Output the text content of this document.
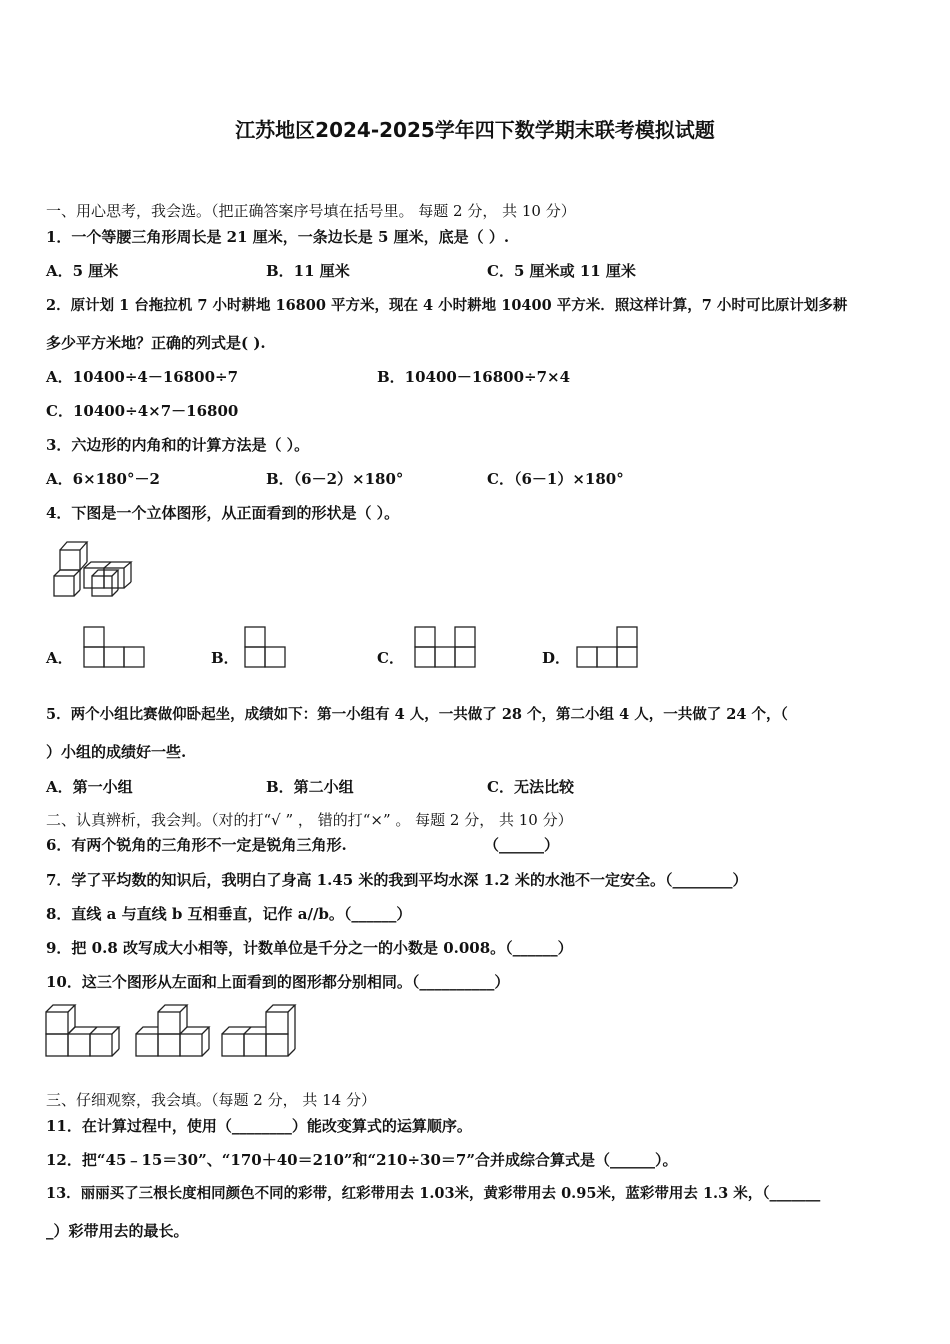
江苏地区2024-2025学年四下数学期末联考模拟试题
一、用心思考，我会选。（把正确答案序号填在括号里。 每题 2 分， 共 10 分）
1．一个等腰三角形周长是 21 厘米，一条边长是 5 厘米，底是（ ）.
A．5 厘米	B．11 厘米	C．5 厘米或 11 厘米
2．原计划 1 台拖拉机 7 小时耕地 16800 平方米，现在 4 小时耕地 10400 平方米．照这样计算，7 小时可比原计划多耕
多少平方米地？正确的列式是( ).
A．10400÷4－16800÷7	B．10400－16800÷7×4
C．10400÷4×7－16800
3．六边形的内角和的计算方法是（ ）。
A．6×180°－2	B．（6－2）×180°	C．（6－1）×180°
4．下图是一个立体图形，从正面看到的形状是（ ）。
A．	B．	C．	D．
5．两个小组比赛做仰卧起坐，成绩如下：第一小组有 4 人，一共做了 28 个，第二小组 4 人，一共做了 24 个，（
）小组的成绩好一些.
A．第一小组	B．第二小组	C．无法比较
二、认真辨析，我会判。（对的打“√ ” ， 错的打“×” 。 每题 2 分， 共 10 分）
6．有两个锐角的三角形不一定是锐角三角形.	（______）
7．学了平均数的知识后，我明白了身高 1.45 米的我到平均水深 1.2 米的水池不一定安全。（________）
8．直线 a 与直线 b 互相垂直，记作 a//b。（______）
9．把 0.8 改写成大小相等，计数单位是千分之一的小数是 0.008。（______）
10．这三个图形从左面和上面看到的图形都分别相同。（__________）
三、仔细观察，我会填。（每题 2 分， 共 14 分）
11．在计算过程中，使用（________）能改变算式的运算顺序。
12．把“45﹣15＝30”、“170＋40＝210”和“210÷30＝7”合并成综合算式是（______）。
13．丽丽买了三根长度相同颜色不同的彩带，红彩带用去 1.03米，黄彩带用去 0.95米，蓝彩带用去 1.3 米，（_______
_）彩带用去的最长。
